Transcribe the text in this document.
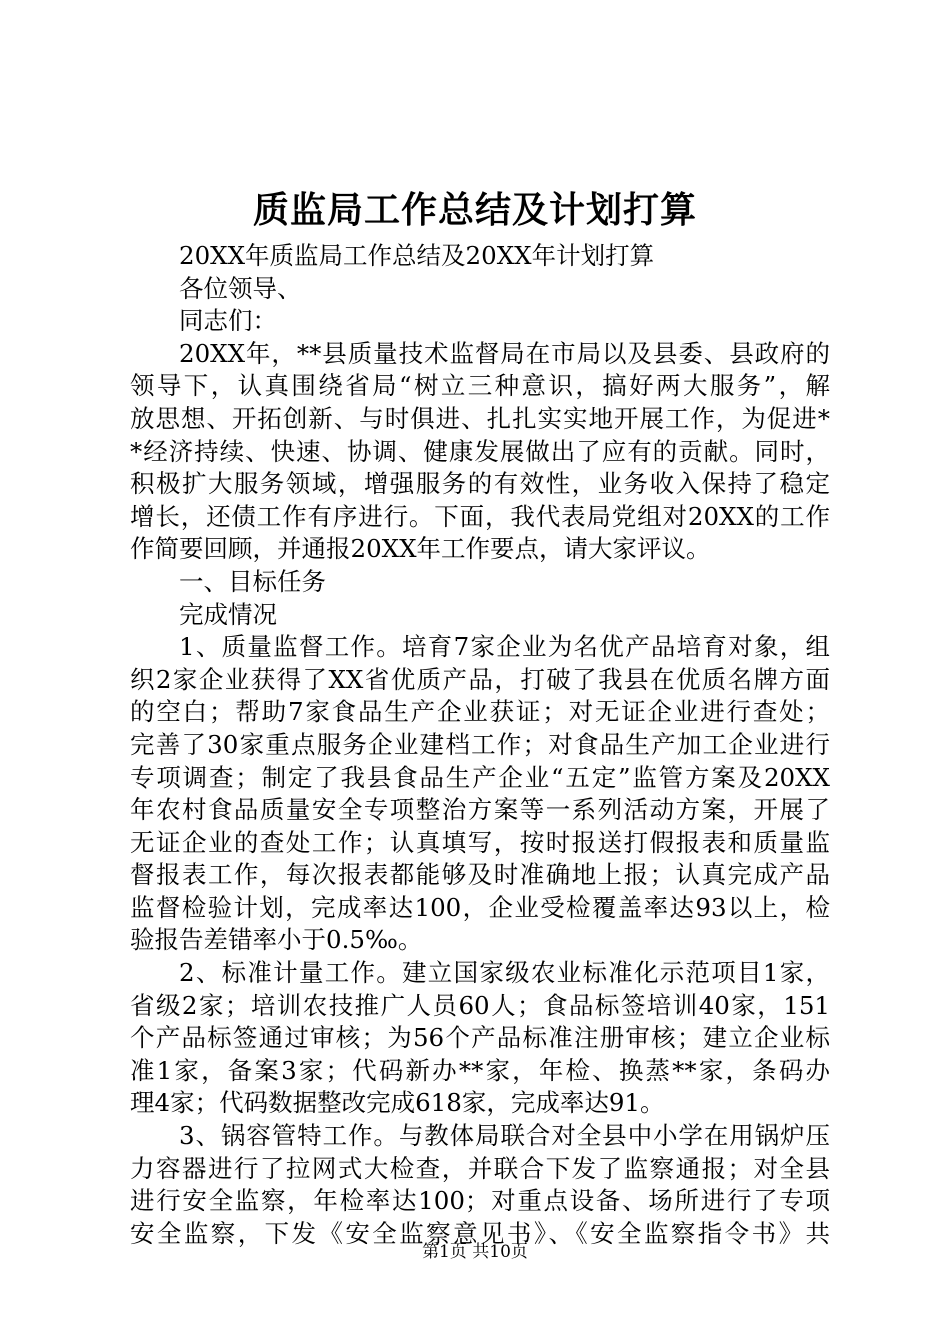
质监局工作总结及计划打算
20XX年质监局工作总结及20XX年计划打算
各位领导、
同志们：
20XX年，**县质量技术监督局在市局以及县委、县政府的
领导下，认真围绕省局“树立三种意识，搞好两大服务”，解
放思想、开拓创新、与时俱进、扎扎实实地开展工作，为促进*
*经济持续、快速、协调、健康发展做出了应有的贡献。同时，
积极扩大服务领域，增强服务的有效性，业务收入保持了稳定
增长，还债工作有序进行。下面，我代表局党组对20XX的工作
作简要回顾，并通报20XX年工作要点，请大家评议。
一、目标任务
完成情况
1、质量监督工作。培育7家企业为名优产品培育对象，组
织2家企业获得了XX省优质产品，打破了我县在优质名牌方面
的空白；帮助7家食品生产企业获证；对无证企业进行查处；
完善了30家重点服务企业建档工作；对食品生产加工企业进行
专项调查；制定了我县食品生产企业“五定”监管方案及20XX
年农村食品质量安全专项整治方案等一系列活动方案，开展了
无证企业的查处工作；认真填写，按时报送打假报表和质量监
督报表工作，每次报表都能够及时准确地上报；认真完成产品
监督检验计划，完成率达100，企业受检覆盖率达93以上，检
验报告差错率小于0.5‰。
2、标准计量工作。建立国家级农业标准化示范项目1家，
省级2家；培训农技推广人员60人；食品标签培训40家，151
个产品标签通过审核；为56个产品标准注册审核；建立企业标
准1家，备案3家；代码新办**家，年检、换蒸**家，条码办
理4家；代码数据整改完成618家，完成率达91。
3、锅容管特工作。与教体局联合对全县中小学在用锅炉压
力容器进行了拉网式大检查，并联合下发了监察通报；对全县
进行安全监察，年检率达100；对重点设备、场所进行了专项
安全监察，下发《安全监察意见书》、《安全监察指令书》共
第1页 共10页
